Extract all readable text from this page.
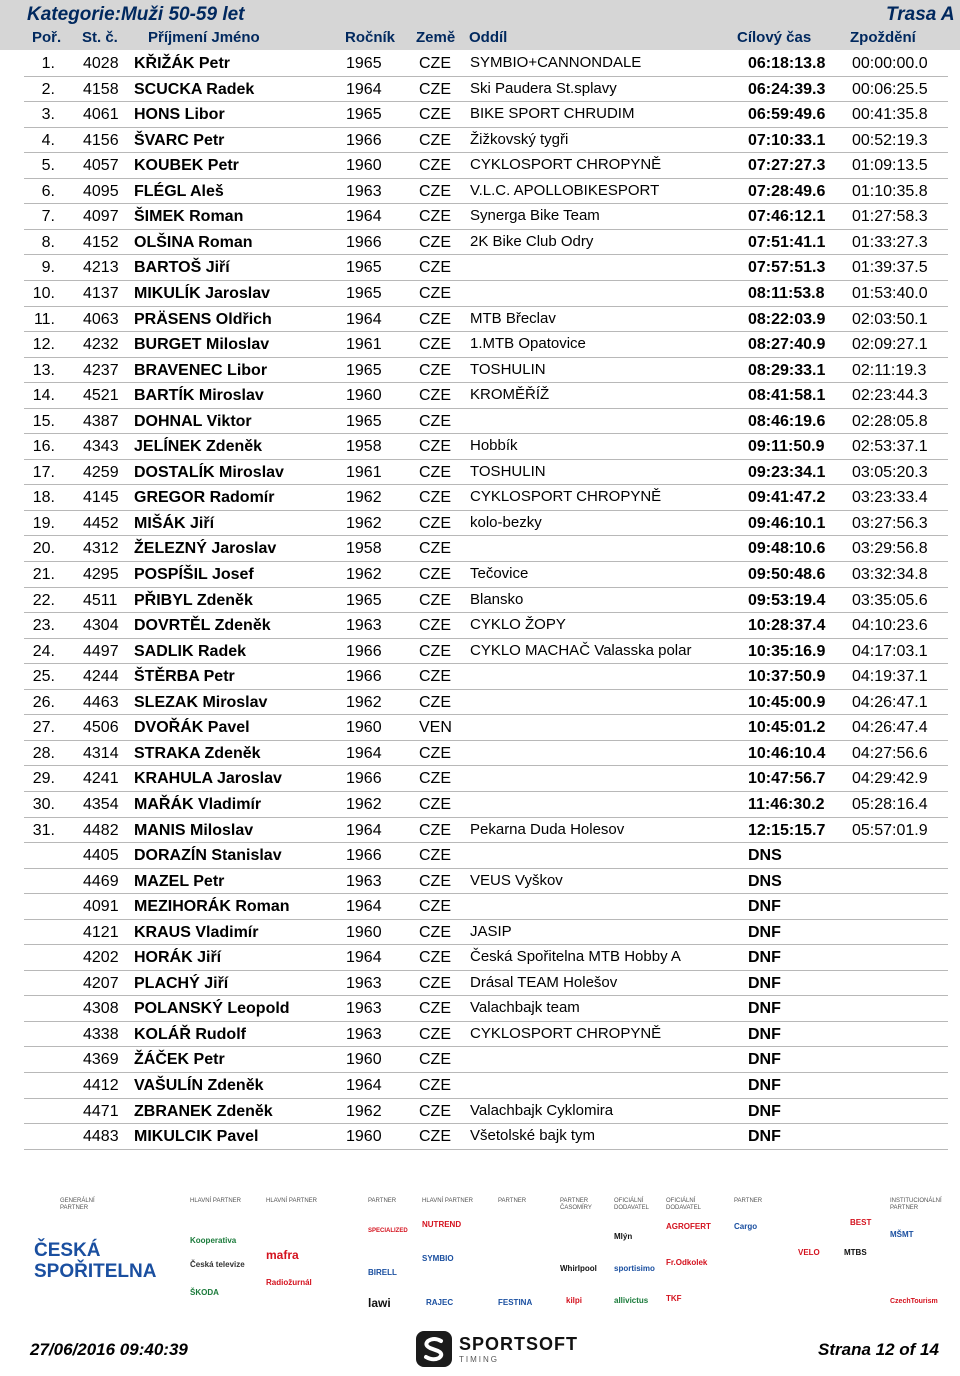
Kategorie:Muži 50-59 let	Trasa A
Poř. St. č. Příjmení Jméno	Ročník Země Oddíl	Cílový čas	Zpoždění
1. 4028 KŘIŽÁK Petr	1965 CZE SYMBIO+CANNONDALE	06:18:13.8 00:00:00.0
2. 4158 SCUCKA Radek	1964 CZE Ski Paudera St.splavy	06:24:39.3 00:06:25.5
3. 4061 HONS Libor	1965 CZE BIKE SPORT CHRUDIM	06:59:49.6 00:41:35.8
4. 4156 ŠVARC Petr	1966 CZE Žižkovský tygři	07:10:33.1 00:52:19.3
5. 4057 KOUBEK Petr	1960 CZE CYKLOSPORT CHROPYNĚ	07:27:27.3 01:09:13.5
6. 4095 FLÉGL Aleš	1963 CZE V.L.C. APOLLOBIKESPORT	07:28:49.6 01:10:35.8
7. 4097 ŠIMEK Roman	1964 CZE Synerga Bike Team	07:46:12.1 01:27:58.3
8. 4152 OLŠINA Roman	1966 CZE 2K Bike Club Odry	07:51:41.1 01:33:27.3
9. 4213 BARTOŠ Jiří	1965 CZE	07:57:51.3 01:39:37.5
10. 4137 MIKULÍK Jaroslav	1965 CZE	08:11:53.8 01:53:40.0
11. 4063 PRÄSENS Oldřich	1964 CZE MTB Břeclav	08:22:03.9 02:03:50.1
12. 4232 BURGET Miloslav	1961 CZE 1.MTB Opatovice	08:27:40.9 02:09:27.1
13. 4237 BRAVENEC Libor	1965 CZE TOSHULIN	08:29:33.1 02:11:19.3
14. 4521 BARTÍK Miroslav	1960 CZE KROMĚŘÍŽ	08:41:58.1 02:23:44.3
15. 4387 DOHNAL Viktor	1965 CZE	08:46:19.6 02:28:05.8
16. 4343 JELÍNEK Zdeněk	1958 CZE Hobbík	09:11:50.9 02:53:37.1
17. 4259 DOSTALÍK Miroslav	1961 CZE TOSHULIN	09:23:34.1 03:05:20.3
18. 4145 GREGOR Radomír	1962 CZE CYKLOSPORT CHROPYNĚ	09:41:47.2 03:23:33.4
19. 4452 MIŠÁK Jiří	1962 CZE kolo-bezky	09:46:10.1 03:27:56.3
20. 4312 ŽELEZNÝ Jaroslav	1958 CZE	09:48:10.6 03:29:56.8
21. 4295 POSPÍŠIL Josef	1962 CZE Tečovice	09:50:48.6 03:32:34.8
22. 4511 PŘIBYL Zdeněk	1965 CZE Blansko	09:53:19.4 03:35:05.6
23. 4304 DOVRTĚL Zdeněk	1963 CZE CYKLO ŽOPY	10:28:37.4 04:10:23.6
24. 4497 SADLIK Radek	1966 CZE CYKLO MACHAČ Valasska polar	10:35:16.9 04:17:03.1
25. 4244 ŠTĚRBA Petr	1966 CZE	10:37:50.9 04:19:37.1
26. 4463 SLEZAK Miroslav	1962 CZE	10:45:00.9 04:26:47.1
27. 4506 DVOŘÁK Pavel	1960 VEN	10:45:01.2 04:26:47.4
28. 4314 STRAKA Zdeněk	1964 CZE	10:46:10.4 04:27:56.6
29. 4241 KRAHULA Jaroslav	1966 CZE	10:47:56.7 04:29:42.9
30. 4354 MAŘÁK Vladimír	1962 CZE	11:46:30.2 05:28:16.4
31. 4482 MANIS Miloslav	1964 CZE Pekarna Duda Holesov	12:15:15.7 05:57:01.9
4405 DORAZÍN Stanislav	1966 CZE	DNS
4469 MAZEL Petr	1963 CZE VEUS Vyškov	DNS
4091 MEZIHORÁK Roman	1964 CZE	DNF
4121 KRAUS Vladimír	1960 CZE JASIP	DNF
4202 HORÁK Jiří	1964 CZE Česká Spořitelna MTB Hobby A	DNF
4207 PLACHÝ Jiří	1963 CZE Drásal TEAM Holešov	DNF
4308 POLANSKÝ Leopold	1963 CZE Valachbajk team	DNF
4338 KOLÁŘ Rudolf	1963 CZE CYKLOSPORT CHROPYNĚ	DNF
4369 ŽÁČEK Petr	1960 CZE	DNF
4412 VAŠULÍN Zdeněk	1964 CZE	DNF
4471 ZBRANEK Zdeněk	1962 CZE Valachbajk Cyklomira	DNF
4483 MIKULCIK Pavel	1960 CZE Všetolské bajk tym	DNF
GENERÁLNÍ PARTNER
ČESKÁ SPOŘITELNA
HLAVNÍ PARTNER
Kooperativa
Česká televize
ŠKODA
HLAVNÍ PARTNER
mafra
Radiožurnál
PARTNER
SPECIALIZED
BIRELL
lawi
HLAVNÍ PARTNER
NUTREND
SYMBIO
RAJEC
PARTNER
FESTINA
PARTNER ČASOMÍRY
Whirlpool
kilpi
OFICIÁLNÍ DODAVATEL
Mlýn
sportisimo
allivictus
OFICIÁLNÍ DODAVATEL
AGROFERT
Fr.Odkolek
TKF
PARTNER
Cargo
VELO	MTBS
BEST
INSTITUCIONÁLNÍ PARTNER
MŠMT
CzechTourism
27/06/2016 09:40:39	SPORTSOFT
TIMING
Strana 12 of 14
